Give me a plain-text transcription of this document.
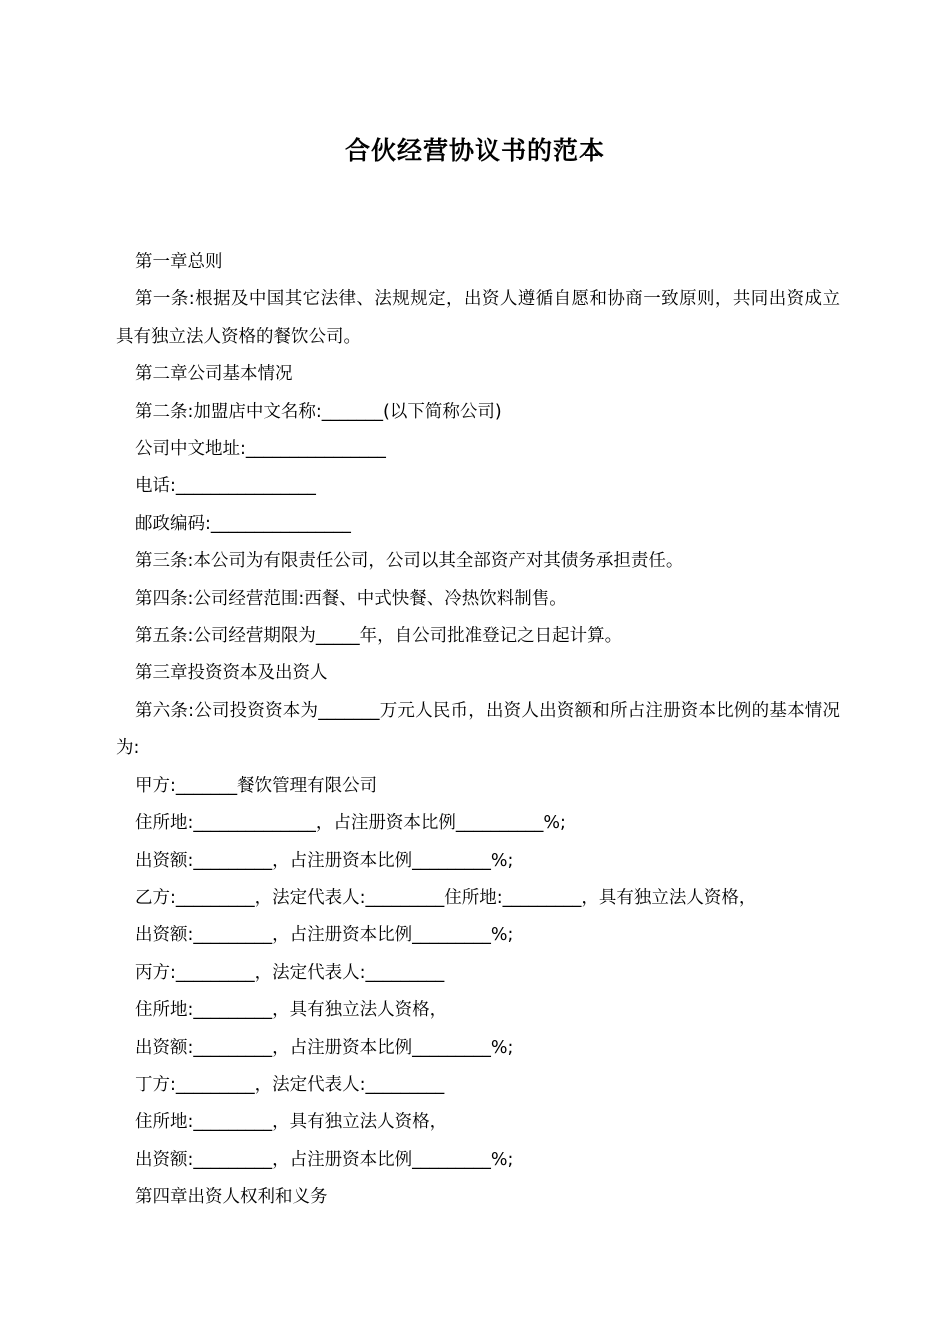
合伙经营协议书的范本

第一章总则

第一条:根据及中国其它法律、法规规定，出资人遵循自愿和协商一致原则，共同出资成立具有独立法人资格的餐饮公司。

第二章公司基本情况

第二条:加盟店中文名称:_______(以下简称公司)

公司中文地址:________________

电话:________________

邮政编码:________________

第三条:本公司为有限责任公司，公司以其全部资产对其债务承担责任。

第四条:公司经营范围:西餐、中式快餐、冷热饮料制售。

第五条:公司经营期限为_____年，自公司批准登记之日起计算。

第三章投资资本及出资人

第六条:公司投资资本为_______万元人民币，出资人出资额和所占注册资本比例的基本情况为:

甲方:_______餐饮管理有限公司

住所地:______________，占注册资本比例__________%;

出资额:_________，占注册资本比例_________%;

乙方:_________，法定代表人:_________住所地:_________，具有独立法人资格，

出资额:_________，占注册资本比例_________%;

丙方:_________，法定代表人:_________

住所地:_________，具有独立法人资格，

出资额:_________，占注册资本比例_________%;

丁方:_________，法定代表人:_________

住所地:_________，具有独立法人资格，

出资额:_________，占注册资本比例_________%;

第四章出资人权利和义务
